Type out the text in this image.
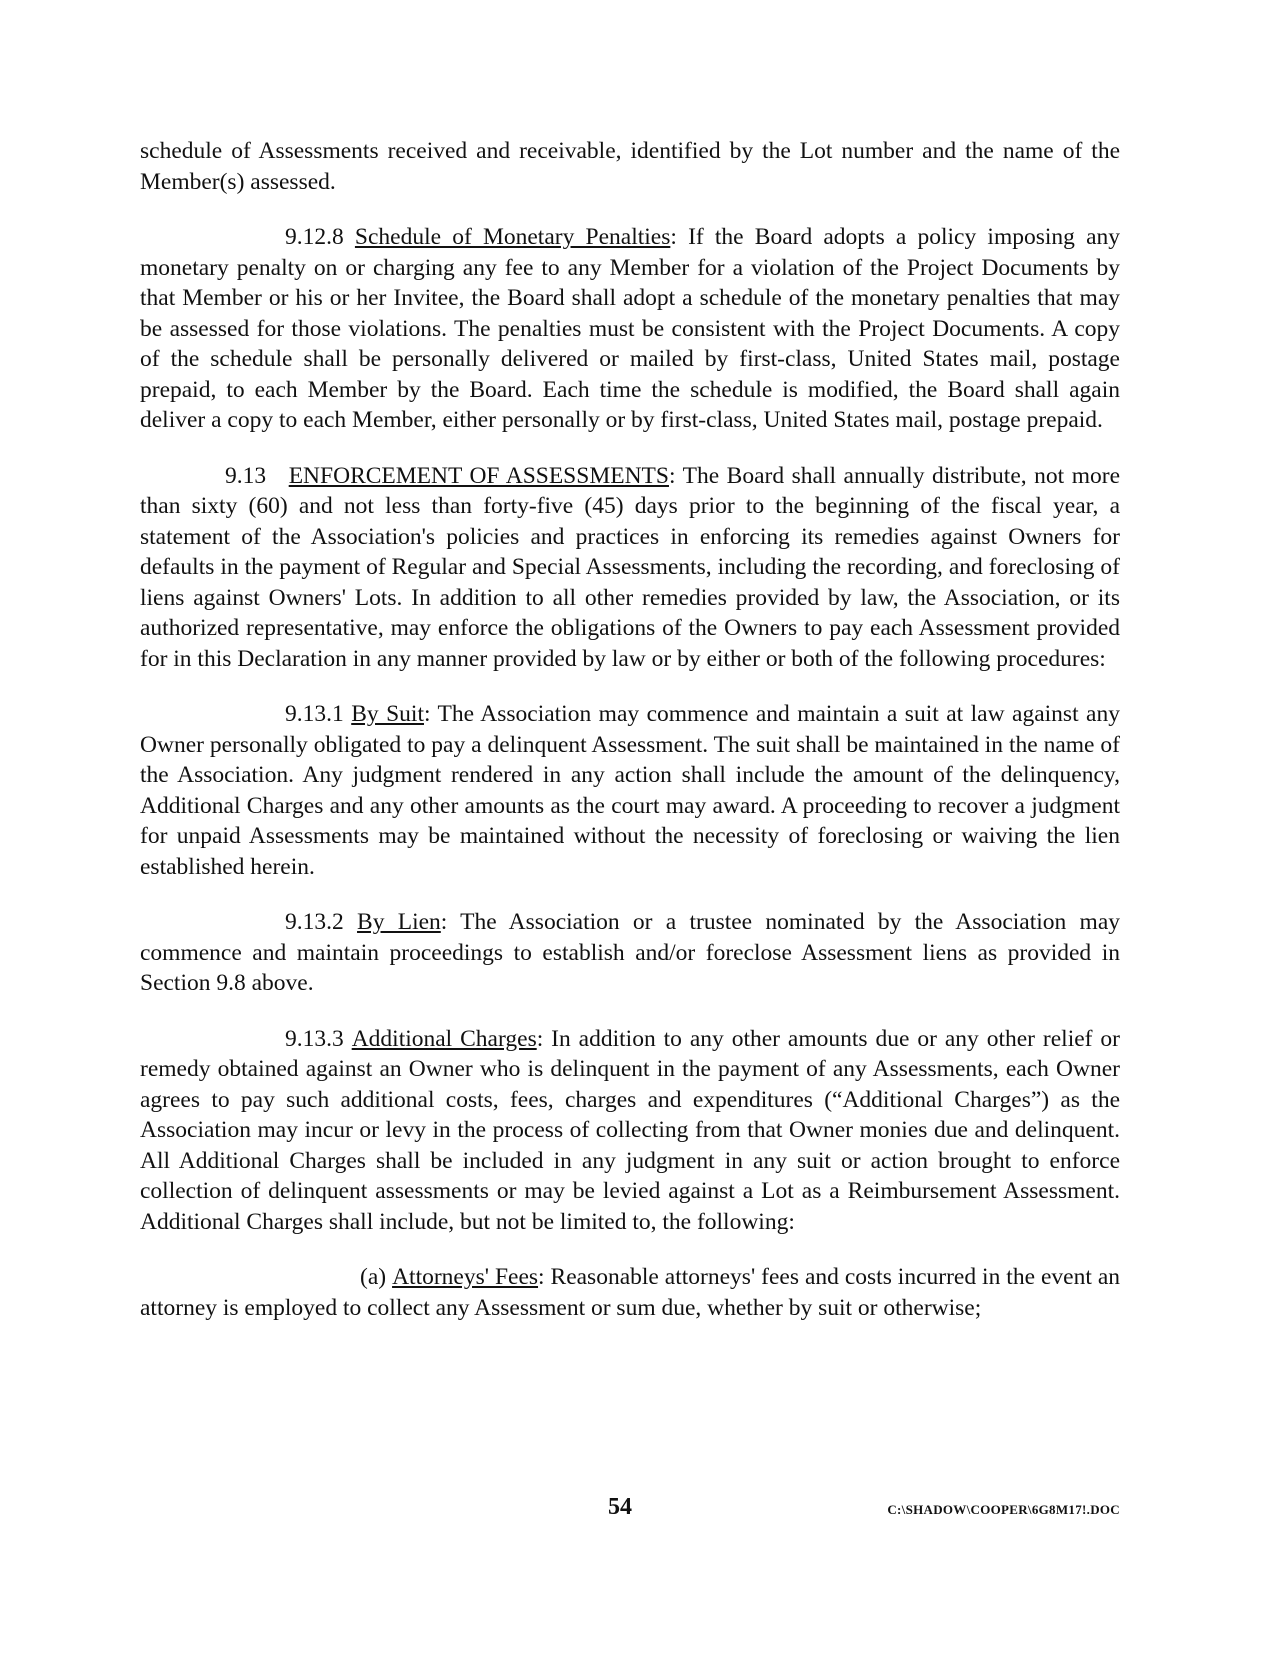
schedule of Assessments received and receivable, identified by the Lot number and the name of the Member(s) assessed.

9.12.8 Schedule of Monetary Penalties: If the Board adopts a policy imposing any monetary penalty on or charging any fee to any Member for a violation of the Project Documents by that Member or his or her Invitee, the Board shall adopt a schedule of the monetary penalties that may be assessed for those violations. The penalties must be consistent with the Project Documents. A copy of the schedule shall be personally delivered or mailed by first-class, United States mail, postage prepaid, to each Member by the Board. Each time the schedule is modified, the Board shall again deliver a copy to each Member, either personally or by first-class, United States mail, postage prepaid.

9.13 ENFORCEMENT OF ASSESSMENTS: The Board shall annually distribute, not more than sixty (60) and not less than forty-five (45) days prior to the beginning of the fiscal year, a statement of the Association's policies and practices in enforcing its remedies against Owners for defaults in the payment of Regular and Special Assessments, including the recording, and foreclosing of liens against Owners' Lots. In addition to all other remedies provided by law, the Association, or its authorized representative, may enforce the obligations of the Owners to pay each Assessment provided for in this Declaration in any manner provided by law or by either or both of the following procedures:

9.13.1 By Suit: The Association may commence and maintain a suit at law against any Owner personally obligated to pay a delinquent Assessment. The suit shall be maintained in the name of the Association. Any judgment rendered in any action shall include the amount of the delinquency, Additional Charges and any other amounts as the court may award. A proceeding to recover a judgment for unpaid Assessments may be maintained without the necessity of foreclosing or waiving the lien established herein.

9.13.2 By Lien: The Association or a trustee nominated by the Association may commence and maintain proceedings to establish and/or foreclose Assessment liens as provided in Section 9.8 above.

9.13.3 Additional Charges: In addition to any other amounts due or any other relief or remedy obtained against an Owner who is delinquent in the payment of any Assessments, each Owner agrees to pay such additional costs, fees, charges and expenditures (“Additional Charges”) as the Association may incur or levy in the process of collecting from that Owner monies due and delinquent. All Additional Charges shall be included in any judgment in any suit or action brought to enforce collection of delinquent assessments or may be levied against a Lot as a Reimbursement Assessment. Additional Charges shall include, but not be limited to, the following:

(a) Attorneys' Fees: Reasonable attorneys' fees and costs incurred in the event an attorney is employed to collect any Assessment or sum due, whether by suit or otherwise;

54	C:\SHADOW\COOPER\6G8M17!.DOC
